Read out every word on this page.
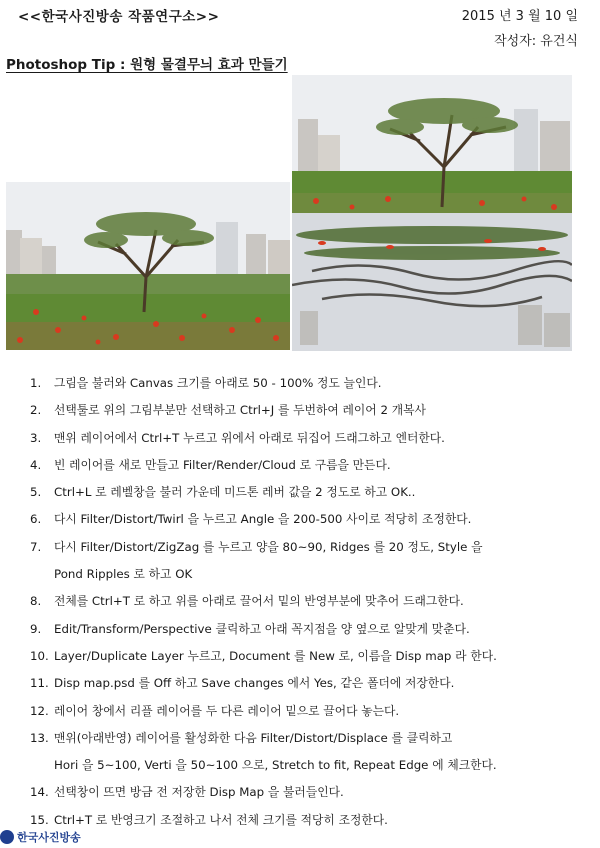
<<한국사진방송 작품연구소>>	2015 년 3 월 10 일
작성자: 유건식
Photoshop Tip : 원형 물결무늬 효과 만들기
1.	그림을 불러와 Canvas 크기를 아래로 50 - 100% 정도 늘인다.
2.	선택툴로 위의 그림부분만 선택하고 Ctrl+J 를 두번하여 레이어 2 개복사
3.	맨위 레이어에서 Ctrl+T 누르고 위에서 아래로 뒤집어 드래그하고 엔터한다.
4.	빈 레이어를 새로 만들고 Filter/Render/Cloud 로 구름을 만든다.
5.	Ctrl+L 로 레벨창을 불러 가운데 미드톤 레버 값을 2 정도로 하고 OK..
6.	다시 Filter/Distort/Twirl 을 누르고 Angle 을 200-500 사이로 적당히 조정한다.
7.	다시 Filter/Distort/ZigZag 를 누르고 양을 80~90, Ridges 를 20 정도, Style 을
Pond Ripples 로 하고 OK
8.	전체를 Ctrl+T 로 하고 위를 아래로 끌어서 밑의 반영부분에 맞추어 드래그한다.
9.	Edit/Transform/Perspective 클릭하고 아래 꼭지점을 양 옆으로 알맞게 맞춘다.
10. Layer/Duplicate Layer 누르고, Document 를 New 로, 이름을 Disp map 라 한다.
11. Disp map.psd 를 Off 하고 Save changes 에서 Yes, 같은 폴더에 저장한다.
12. 레이어 창에서 리플 레이어를 두 다른 레이어 밑으로 끌어다 놓는다.
13. 맨위(아래반영) 레이어를 활성화한 다음 Filter/Distort/Displace 를 클릭하고
Hori 을 5~100, Verti 을 50~100 으로, Stretch to fit, Repeat Edge 에 체크한다.
14. 선택창이 뜨면 방금 전 저장한 Disp Map 을 불러들인다.
15. Ctrl+T 로 반영크기 조절하고 나서 전체 크기를 적당히 조정한다.
한국사진방송
